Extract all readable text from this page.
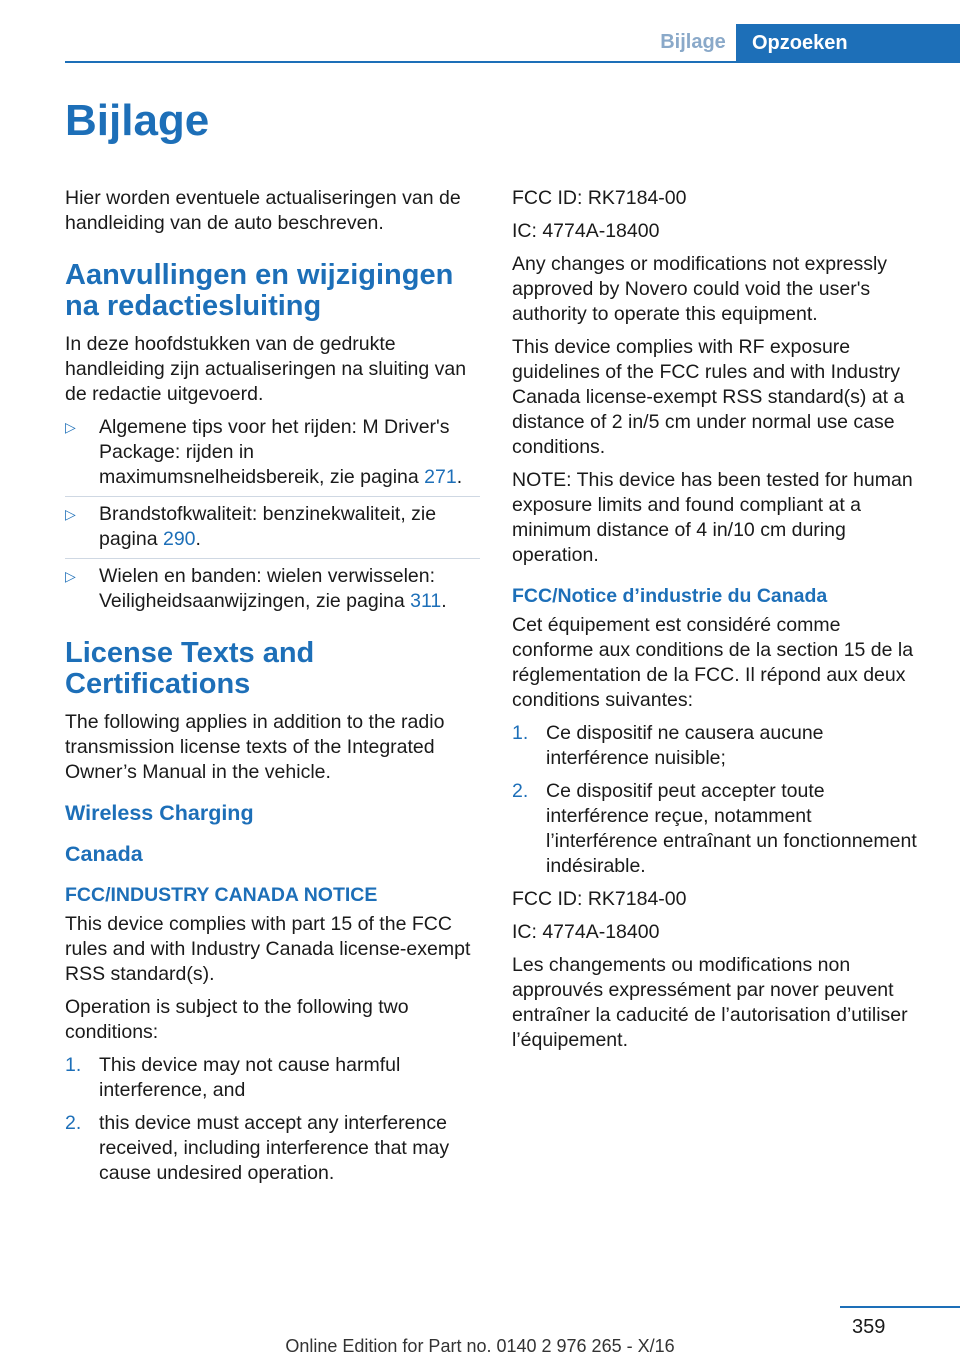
Bijlage	Opzoeken
Bijlage

Hier worden eventuele actualiseringen van de handleiding van de auto beschreven.

Aanvullingen en wijzigingen na redactiesluiting

In deze hoofdstukken van de gedrukte handleiding zijn actualiseringen na sluiting van de redactie uitgevoerd.

▷ Algemene tips voor het rijden: M Driver's Package: rijden in maximumsnelheidsbereik, zie pagina 271.
▷ Brandstofkwaliteit: benzinekwaliteit, zie pagina 290.
▷ Wielen en banden: wielen verwisselen: Veiligheidsaanwijzingen, zie pagina 311.
License Texts and Certifications

The following applies in addition to the radio transmission license texts of the Integrated Owner’s Manual in the vehicle.

Wireless Charging
Canada
FCC/INDUSTRY CANADA NOTICE

This device complies with part 15 of the FCC rules and with Industry Canada license-exempt RSS standard(s).

Operation is subject to the following two conditions:

1. This device may not cause harmful interference, and
2. this device must accept any interference received, including interference that may cause undesired operation.

FCC ID: RK7184-00

IC: 4774A-18400

Any changes or modifications not expressly approved by Novero could void the user's authority to operate this equipment.

This device complies with RF exposure guidelines of the FCC rules and with Industry Canada license-exempt RSS standard(s) at a distance of 2 in/5 cm under normal use case conditions.

NOTE: This device has been tested for human exposure limits and found compliant at a minimum distance of 4 in/10 cm during operation.

FCC/Notice d’industrie du Canada

Cet équipement est considéré comme conforme aux conditions de la section 15 de la réglementation de la FCC. Il répond aux deux conditions suivantes:

1. Ce dispositif ne causera aucune interférence nuisible;
2. Ce dispositif peut accepter toute interférence reçue, notamment l’interférence entraînant un fonctionnement indésirable.

FCC ID: RK7184-00

IC: 4774A-18400

Les changements ou modifications non approuvés expressément par nover peuvent entraîner la caducité de l’autorisation d’utiliser l’équipement.

359
Online Edition for Part no. 0140 2 976 265 - X/16
